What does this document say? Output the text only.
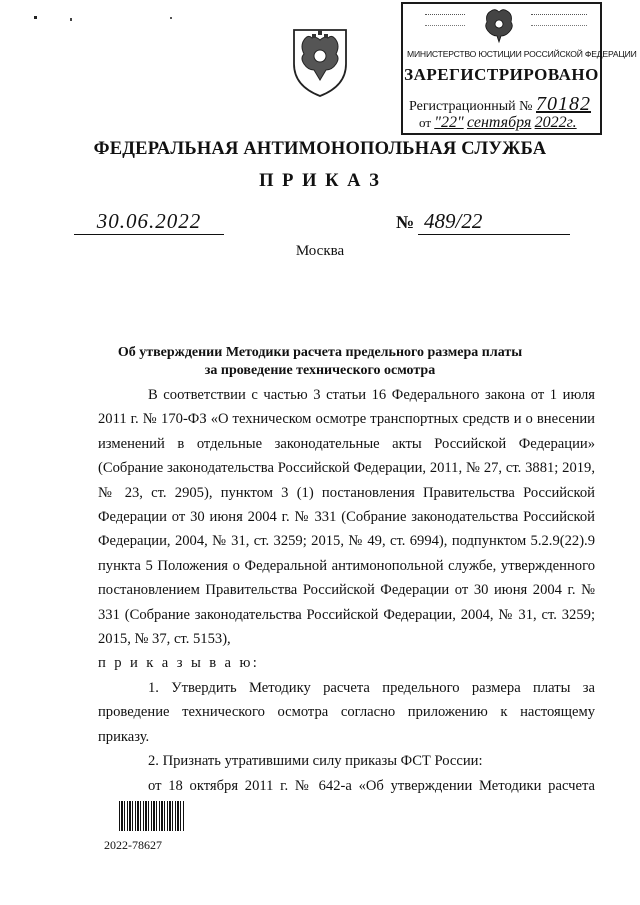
МИНИСТЕРСТВО ЮСТИЦИИ РОССИЙСКОЙ ФЕДЕРАЦИИ
ЗАРЕГИСТРИРОВАНО
Регистрационный № 70182
от "22" сентября 2022г.
ФЕДЕРАЛЬНАЯ АНТИМОНОПОЛЬНАЯ СЛУЖБА
П Р И К А З
30.06.2022	№ 489/22
Москва
Об утверждении Методики расчета предельного размера платы
за проведение технического осмотра

В соответствии с частью 3 статьи 16 Федерального закона от 1 июля 2011 г. № 170-ФЗ «О техническом осмотре транспортных средств и о внесении изменений в отдельные законодательные акты Российской Федерации» (Собрание законодательства Российской Федерации, 2011, № 27, ст. 3881; 2019, № 23, ст. 2905), пунктом 3 (1) постановления Правительства Российской Федерации от 30 июня 2004 г. № 331 (Собрание законодательства Российской Федерации, 2004, № 31, ст. 3259; 2015, № 49, ст. 6994), подпунктом 5.2.9(22).9 пункта 5 Положения о Федеральной антимонопольной службе, утвержденного постановлением Правительства Российской Федерации от 30 июня 2004 г. № 331 (Собрание законодательства Российской Федерации, 2004, № 31, ст. 3259; 2015, № 37, ст. 5153),

п р и к а з ы в а ю:

1. Утвердить Методику расчета предельного размера платы за проведение технического осмотра согласно приложению к настоящему приказу.

2. Признать утратившими силу приказы ФСТ России:

от 18 октября 2011 г. № 642-а «Об утверждении Методики расчета

2022-78627
